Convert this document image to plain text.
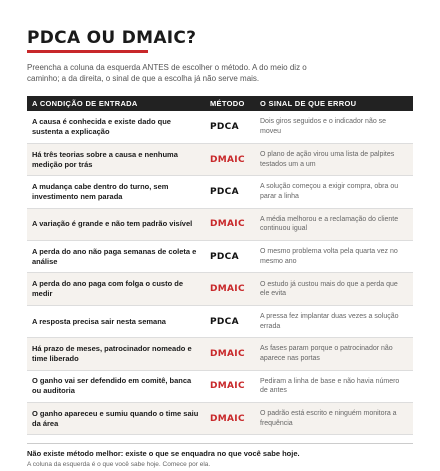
PDCA OU DMAIC?
Preencha a coluna da esquerda ANTES de escolher o método. A do meio diz o caminho; a da direita, o sinal de que a escolha já não serve mais.
A CONDIÇÃO DE ENTRADA	MÉTODO	O SINAL DE QUE ERROU
A causa é conhecida e existe dado que sustenta a explicação	PDCA	Dois giros seguidos e o indicador não se moveu
Há três teorias sobre a causa e nenhuma medição por trás	DMAIC	O plano de ação virou uma lista de palpites testados um a um
A mudança cabe dentro do turno, sem investimento nem parada	PDCA	A solução começou a exigir compra, obra ou parar a linha
A variação é grande e não tem padrão visível	DMAIC	A média melhorou e a reclamação do cliente continuou igual
A perda do ano não paga semanas de coleta e análise	PDCA	O mesmo problema volta pela quarta vez no mesmo ano
A perda do ano paga com folga o custo de medir	DMAIC	O estudo já custou mais do que a perda que ele evita
A resposta precisa sair nesta semana	PDCA	A pressa fez implantar duas vezes a solução errada
Há prazo de meses, patrocinador nomeado e time liberado	DMAIC	As fases param porque o patrocinador não aparece nas portas
O ganho vai ser defendido em comitê, banca ou auditoria	DMAIC	Pediram a linha de base e não havia número de antes
O ganho apareceu e sumiu quando o time saiu da área	DMAIC	O padrão está escrito e ninguém monitora a frequência
Não existe método melhor: existe o que se enquadra no que você sabe hoje.
A coluna da esquerda é o que você sabe hoje. Comece por ela.
